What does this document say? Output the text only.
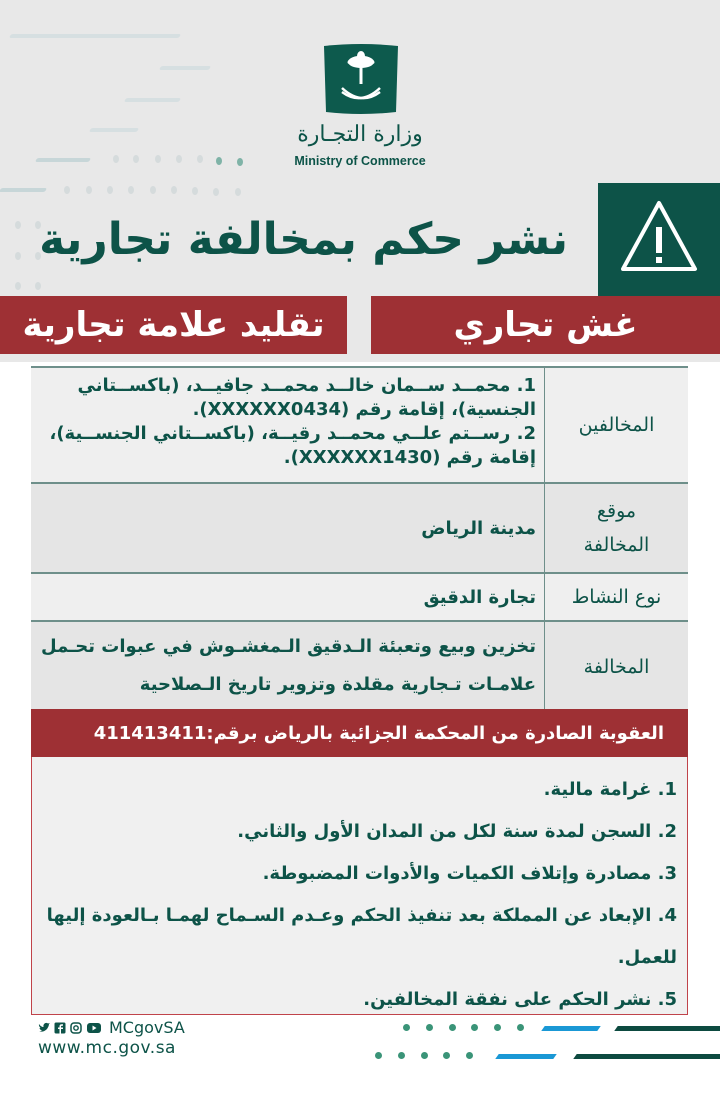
وزارة التجـارة
Ministry of Commerce
نشر حكم بمخالفة تجارية
غش تجاري
تقليد علامة تجارية
المخالفين
1. محمــد ســمان خالــد محمــد جافيــد، (باكســتاني الجنسية)، إقامة رقم (XXXXXX0434).
2. رســتم علــي محمــد رقيــة، (باكســتاني الجنســية)، إقامة رقم (XXXXXX1430).
موقع المخالفة
مدينة الرياض
نوع النشاط
تجارة الدقيق
المخالفة
تخزين وبيع وتعبئة الـدقيق الـمغشـوش في عبوات تحـمل علامـات تـجارية مقلدة وتزوير تاريخ الـصلاحية
العقوبة الصادرة من المحكمة الجزائية بالرياض برقم:411413411
1. غرامة مالية.
2. السجن لمدة سنة لكل من المدان الأول والثاني.
3. مصادرة وإتلاف الكميات والأدوات المضبوطة.
4. الإبعاد عن المملكة بعد تنفيذ الحكم وعـدم السـماح لهمـا بـالعودة إليها للعمل.
5. نشر الحكم على نفقة المخالفين.
MCgovSA
www.mc.gov.sa
